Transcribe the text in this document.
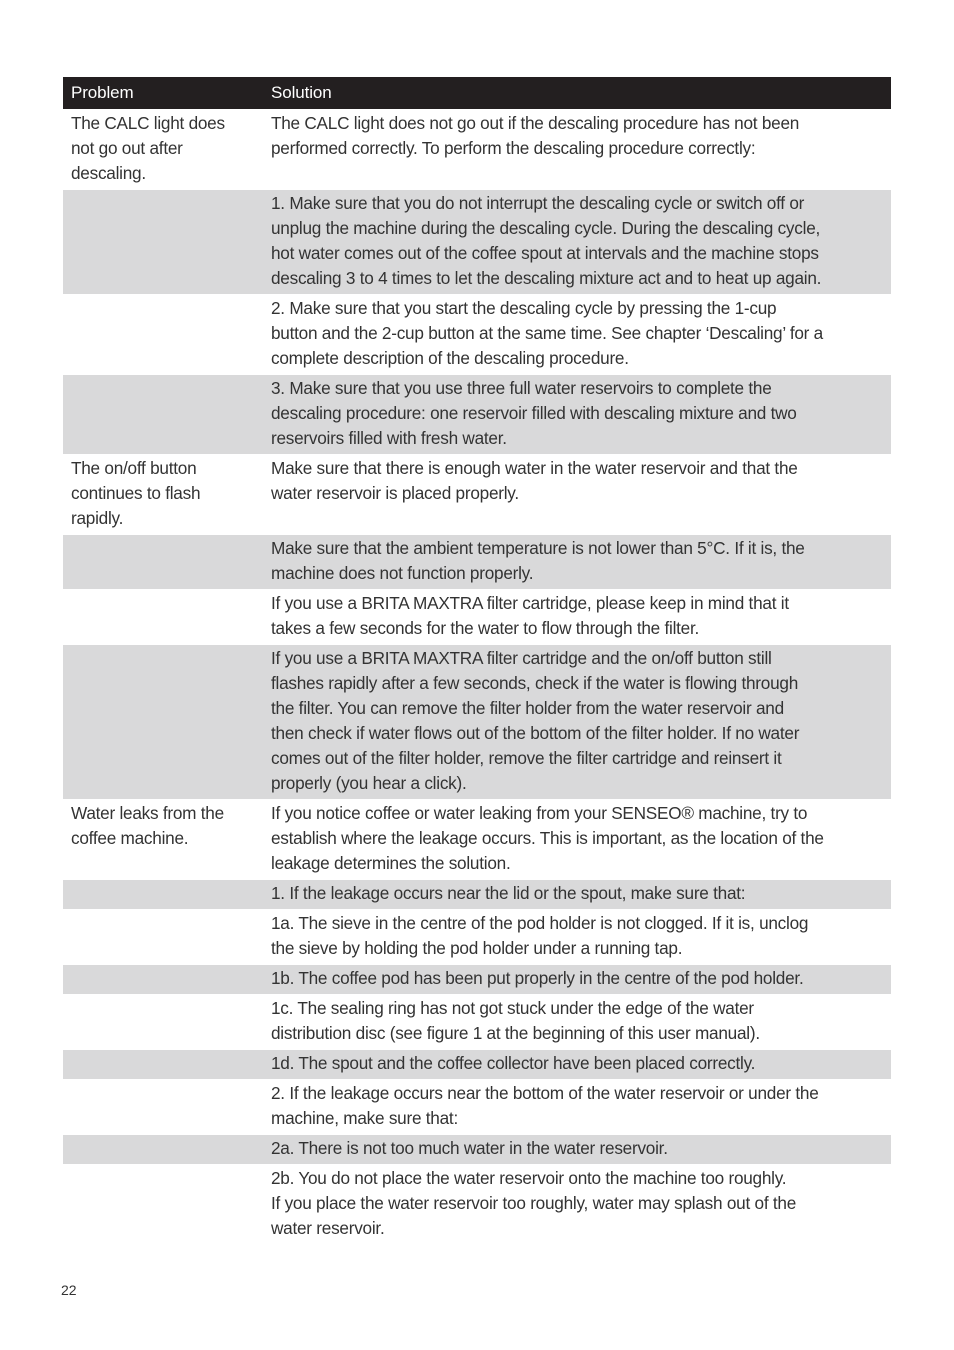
Problem	Solution
The CALC light does
not go out after
descaling.
The CALC light does not go out if the descaling procedure has not been
performed correctly. To perform the descaling procedure correctly:
1. Make sure that you do not interrupt the descaling cycle or switch off or
unplug the machine during the descaling cycle. During the descaling cycle,
hot water comes out of the coffee spout at intervals and the machine stops
descaling 3 to 4 times to let the descaling mixture act and to heat up again.
2. Make sure that you start the descaling cycle by pressing the 1-cup
button and the 2-cup button at the same time. See chapter ‘Descaling’ for a
complete description of the descaling procedure.
3. Make sure that you use three full water reservoirs to complete the
descaling procedure: one reservoir filled with descaling mixture and two
reservoirs filled with fresh water.
The on/off button
continues to flash
rapidly.
Make sure that there is enough water in the water reservoir and that the
water reservoir is placed properly.
Make sure that the ambient temperature is not lower than 5°C. If it is, the
machine does not function properly.
If you use a BRITA MAXTRA filter cartridge, please keep in mind that it
takes a few seconds for the water to flow through the filter.
If you use a BRITA MAXTRA filter cartridge and the on/off button still
flashes rapidly after a few seconds, check if the water is flowing through
the filter. You can remove the filter holder from the water reservoir and
then check if water flows out of the bottom of the filter holder. If no water
comes out of the filter holder, remove the filter cartridge and reinsert it
properly (you hear a click).
Water leaks from the
coffee machine.
If you notice coffee or water leaking from your SENSEO® machine, try to
establish where the leakage occurs. This is important, as the location of the
leakage determines the solution.
1. If the leakage occurs near the lid or the spout, make sure that:
1a. The sieve in the centre of the pod holder is not clogged. If it is, unclog
the sieve by holding the pod holder under a running tap.
1b. The coffee pod has been put properly in the centre of the pod holder.
1c. The sealing ring has not got stuck under the edge of the water
distribution disc (see figure 1 at the beginning of this user manual).
1d. The spout and the coffee collector have been placed correctly.
2. If the leakage occurs near the bottom of the water reservoir or under the
machine, make sure that:
2a. There is not too much water in the water reservoir.
2b. You do not place the water reservoir onto the machine too roughly.
If you place the water reservoir too roughly, water may splash out of the
water reservoir.
22
